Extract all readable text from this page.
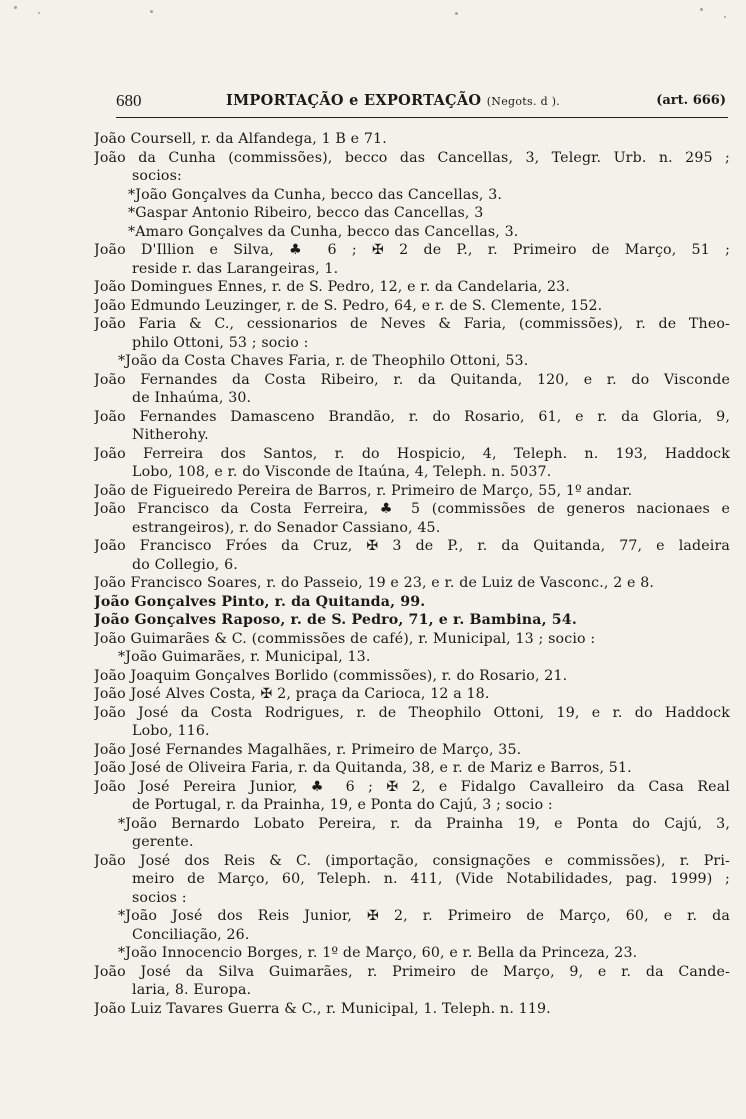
680	IMPORTAÇÃO e EXPORTAÇÃO (Negots. d ).	(art. 666)
João Coursell, r. da Alfandega, 1 B e 71.
João da Cunha (commissões), becco das Cancellas, 3, Telegr. Urb. n. 295 ;
socios:
*João Gonçalves da Cunha, becco das Cancellas, 3.
*Gaspar Antonio Ribeiro, becco das Cancellas, 3
*Amaro Gonçalves da Cunha, becco das Cancellas, 3.
João D'Illion e Silva, ♣ 6 ; ✠ 2 de P., r. Primeiro de Março, 51 ;
reside r. das Larangeiras, 1.
João Domingues Ennes, r. de S. Pedro, 12, e r. da Candelaria, 23.
João Edmundo Leuzinger, r. de S. Pedro, 64, e r. de S. Clemente, 152.
João Faria & C., cessionarios de Neves & Faria, (commissões), r. de Theo-
philo Ottoni, 53 ; socio :
*João da Costa Chaves Faria, r. de Theophilo Ottoni, 53.
João Fernandes da Costa Ribeiro, r. da Quitanda, 120, e r. do Visconde
de Inhaúma, 30.
João Fernandes Damasceno Brandão, r. do Rosario, 61, e r. da Gloria, 9,
Nitherohy.
João Ferreira dos Santos, r. do Hospicio, 4, Teleph. n. 193, Haddock
Lobo, 108, e r. do Visconde de Itaúna, 4, Teleph. n. 5037.
João de Figueiredo Pereira de Barros, r. Primeiro de Março, 55, 1º andar.
João Francisco da Costa Ferreira, ♣ 5 (commissões de generos nacionaes e
estrangeiros), r. do Senador Cassiano, 45.
João Francisco Fróes da Cruz, ✠ 3 de P., r. da Quitanda, 77, e ladeira
do Collegio, 6.
João Francisco Soares, r. do Passeio, 19 e 23, e r. de Luiz de Vasconc., 2 e 8.
João Gonçalves Pinto, r. da Quitanda, 99.
João Gonçalves Raposo, r. de S. Pedro, 71, e r. Bambina, 54.
João Guimarães & C. (commissões de café), r. Municipal, 13 ; socio :
*João Guimarães, r. Municipal, 13.
João Joaquim Gonçalves Borlido (commissões), r. do Rosario, 21.
João José Alves Costa, ✠ 2, praça da Carioca, 12 a 18.
João José da Costa Rodrigues, r. de Theophilo Ottoni, 19, e r. do Haddock
Lobo, 116.
João José Fernandes Magalhães, r. Primeiro de Março, 35.
João José de Oliveira Faria, r. da Quitanda, 38, e r. de Mariz e Barros, 51.
João José Pereira Junior, ♣ 6 ; ✠ 2, e Fidalgo Cavalleiro da Casa Real
de Portugal, r. da Prainha, 19, e Ponta do Cajú, 3 ; socio :
*João Bernardo Lobato Pereira, r. da Prainha 19, e Ponta do Cajú, 3,
gerente.
João José dos Reis & C. (importação, consignações e commissões), r. Pri-
meiro de Março, 60, Teleph. n. 411, (Vide Notabilidades, pag. 1999) ;
socios :
*João José dos Reis Junior, ✠ 2, r. Primeiro de Março, 60, e r. da
Conciliação, 26.
*João Innocencio Borges, r. 1º de Março, 60, e r. Bella da Princeza, 23.
João José da Silva Guimarães, r. Primeiro de Março, 9, e r. da Cande-
laria, 8. Europa.
João Luiz Tavares Guerra & C., r. Municipal, 1. Teleph. n. 119.
